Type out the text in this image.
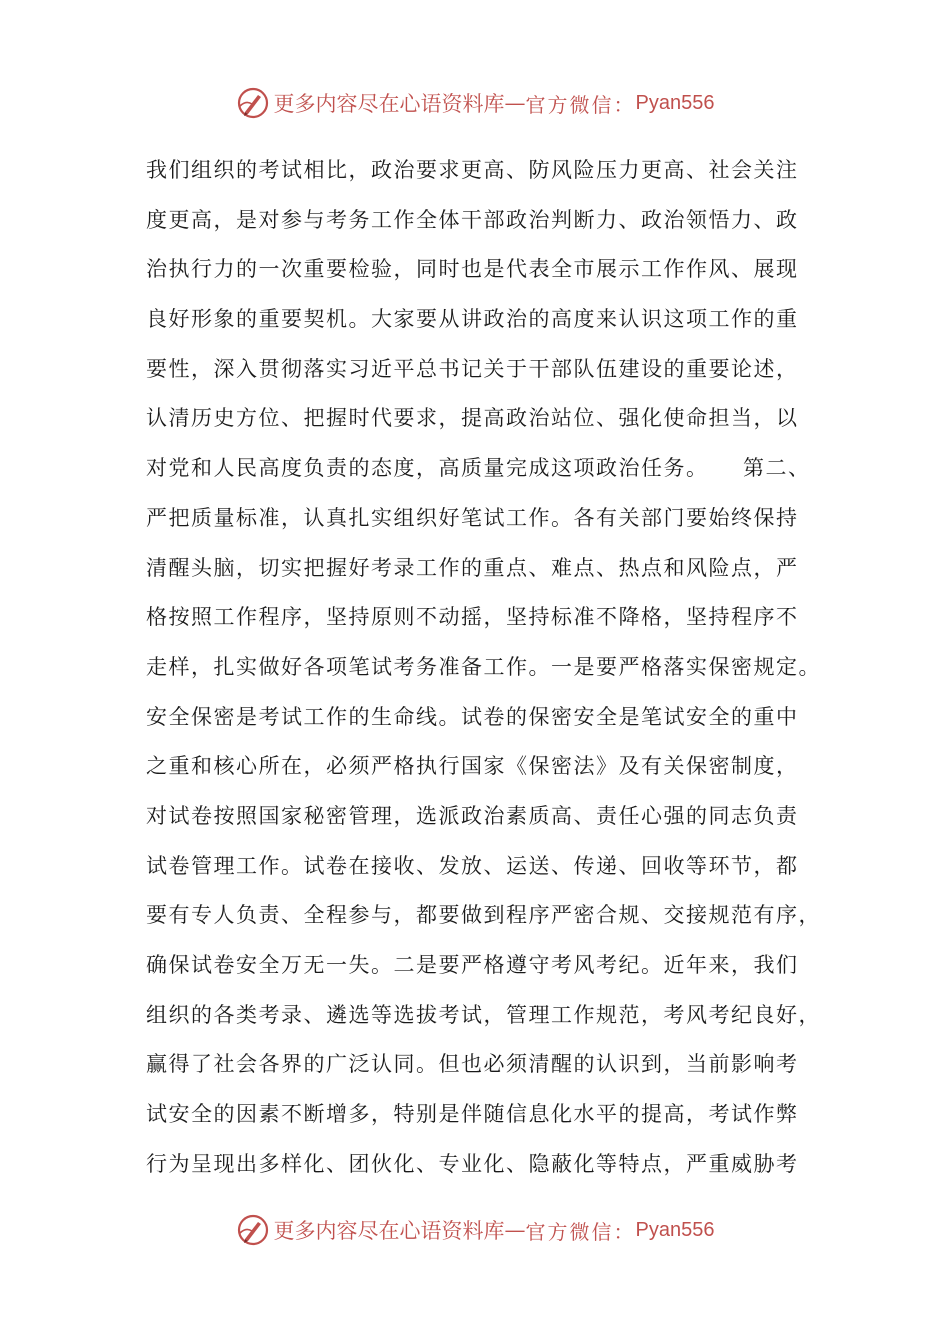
更多内容尽在心语资料库 — 官方微信： Pyan556
我们组织的考试相比，政治要求更高、防风险压力更高、社会关注
度更高，是对参与考务工作全体干部政治判断力、政治领悟力、政
治执行力的一次重要检验，同时也是代表全市展示工作作风、展现
良好形象的重要契机。大家要从讲政治的高度来认识这项工作的重
要性，深入贯彻落实习近平总书记关于干部队伍建设的重要论述，
认清历史方位、把握时代要求，提高政治站位、强化使命担当，以
对党和人民高度负责的态度，高质量完成这项政治任务。　　第二、
严把质量标准，认真扎实组织好笔试工作。各有关部门要始终保持
清醒头脑，切实把握好考录工作的重点、难点、热点和风险点，严
格按照工作程序，坚持原则不动摇，坚持标准不降格，坚持程序不
走样，扎实做好各项笔试考务准备工作。一是要严格落实保密规定。
安全保密是考试工作的生命线。试卷的保密安全是笔试安全的重中
之重和核心所在，必须严格执行国家《保密法》及有关保密制度，
对试卷按照国家秘密管理，选派政治素质高、责任心强的同志负责
试卷管理工作。试卷在接收、发放、运送、传递、回收等环节，都
要有专人负责、全程参与，都要做到程序严密合规、交接规范有序，
确保试卷安全万无一失。二是要严格遵守考风考纪。近年来，我们
组织的各类考录、遴选等选拔考试，管理工作规范，考风考纪良好，
赢得了社会各界的广泛认同。但也必须清醒的认识到，当前影响考
试安全的因素不断增多，特别是伴随信息化水平的提高，考试作弊
行为呈现出多样化、团伙化、专业化、隐蔽化等特点，严重威胁考
更多内容尽在心语资料库 — 官方微信： Pyan556
